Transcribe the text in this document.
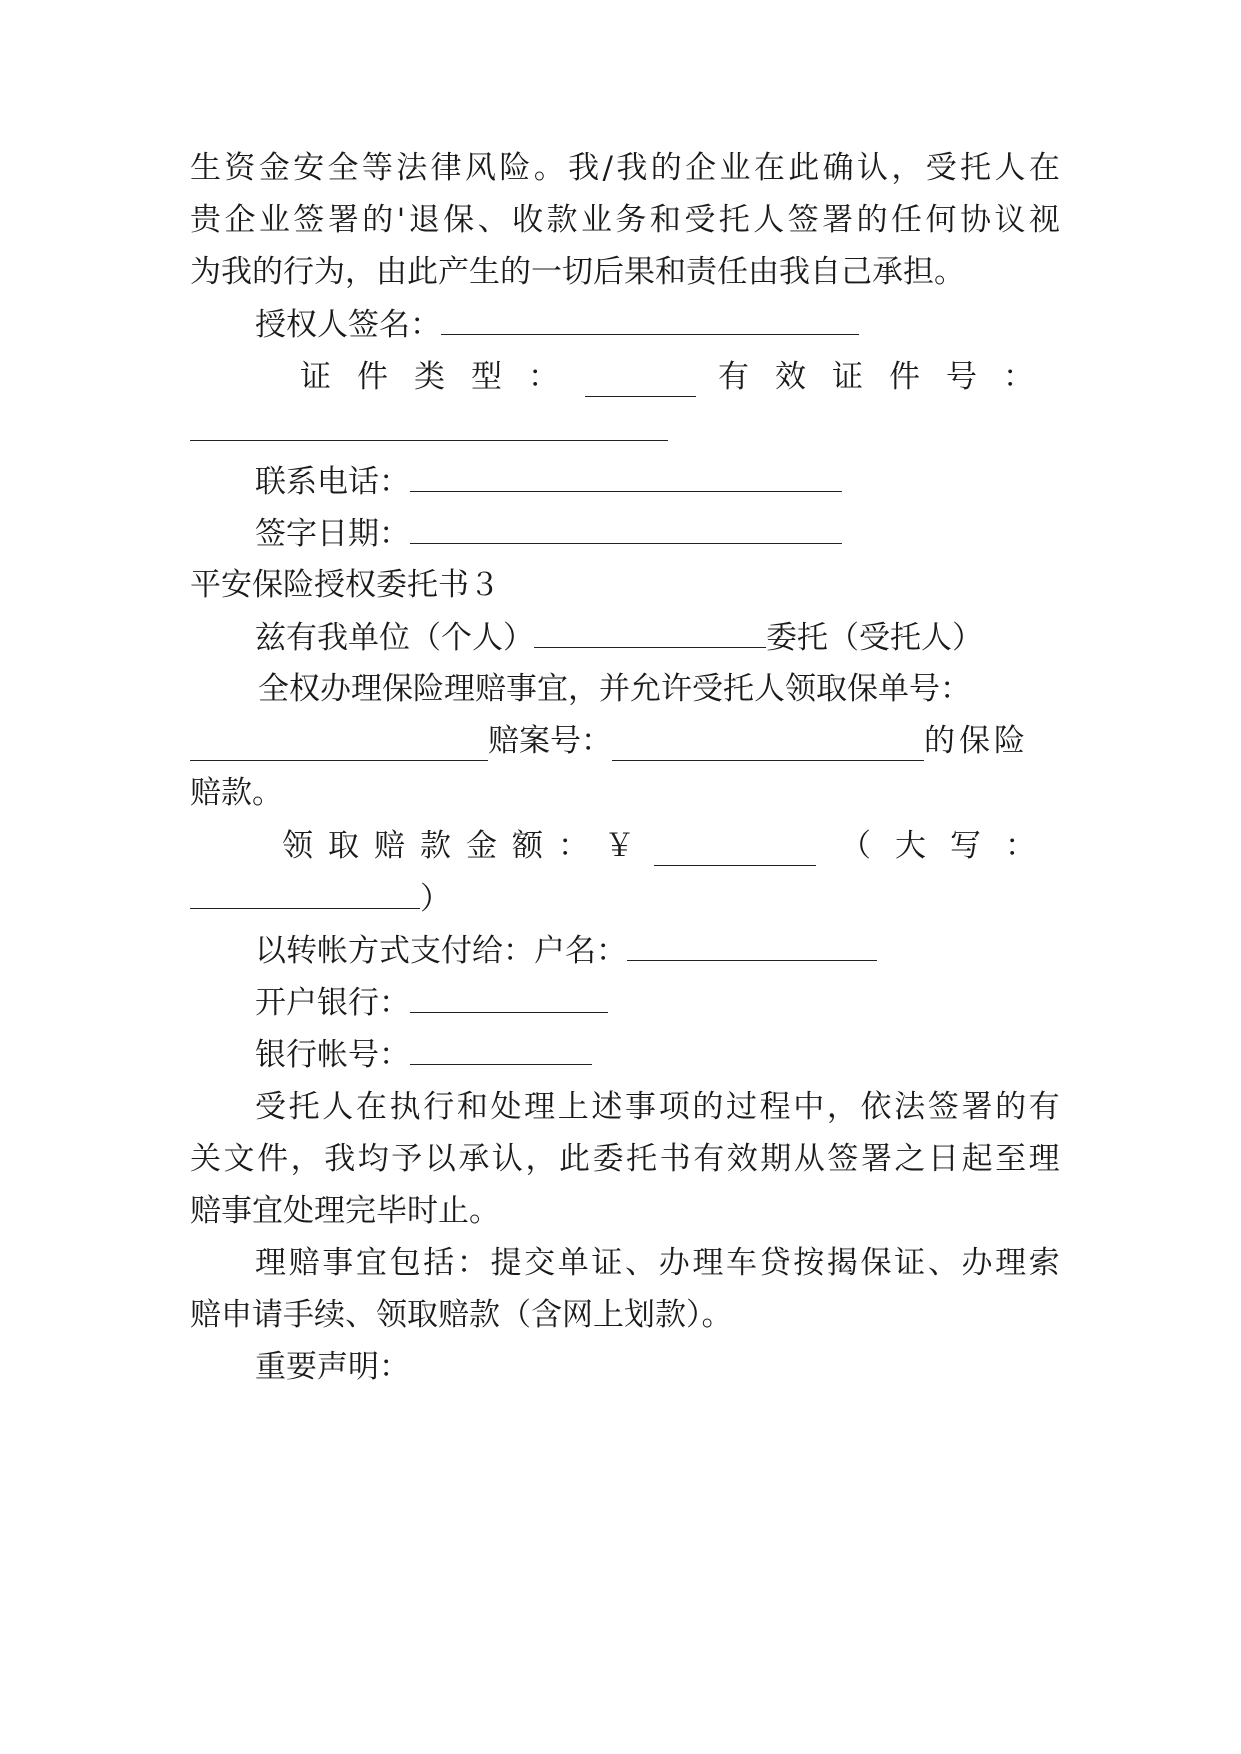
生 资 金 安 全 等 法 律 风 险 。 我 / 我 的 企 业 在 此 确 认 ， 受 托 人 在
贵 企 业 签 署 的 ' 退 保 、 收 款 业 务 和 受 托 人 签 署 的 任 何 协 议 视
为我的行为，由此产生的一切后果和责任由我自己承担。
授权人签名：
证件类型：	有效证件号：
联系电话：
签字日期：
平安保险授权委托书３
兹有我单位（个人）	委托（受托人）
全权办理保险理赔事宜，并允许受托人领取保单号：
赔案号：	的保险
赔款。
领取赔款金额：￥	（大写：
）
以转帐方式支付给：户名：
开户银行：
银行帐号：
受 托 人 在 执 行 和 处 理 上 述 事 项 的 过 程 中 ， 依 法 签 署 的 有
关 文 件 ， 我 均 予 以 承 认 ， 此 委 托 书 有 效 期 从 签 署 之 日 起 至 理
赔事宜处理完毕时止。
理 赔 事 宜 包 括 ： 提 交 单 证 、 办 理 车 贷 按 揭 保 证 、 办 理 索
赔申请手续、领取赔款（含网上划款）。
重要声明：
